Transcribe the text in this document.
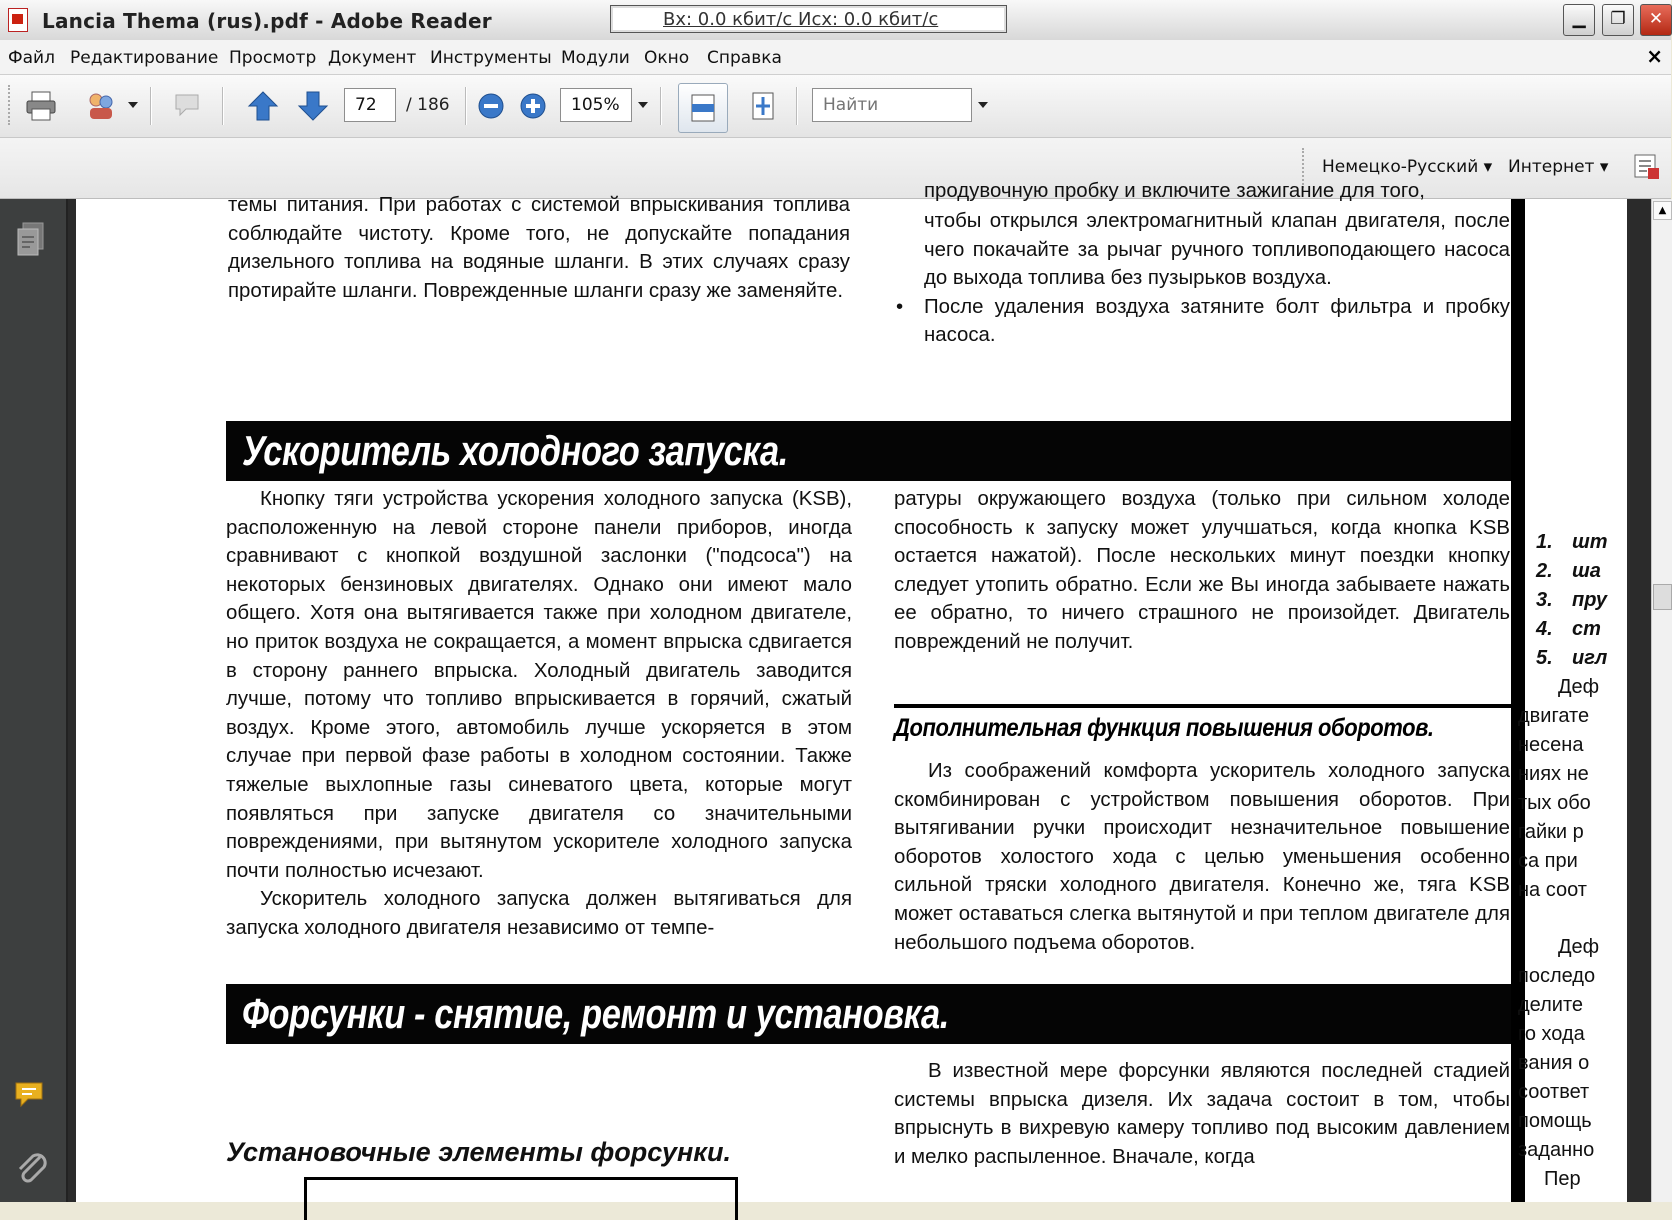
Lancia Thema (rus).pdf - Adobe Reader	Вх: 0.0 кбит/с Исх: 0.0 кбит/с	▁	❐	✕
Файл Редактирование Просмотр Документ Инструменты Модули Окно Справка	×
72
/ 186
105%
Найти
Немецко-Русский ▾ Интернет ▾

темы питания. При работах с системой впрыскивания топлива соблюдайте чистоту. Кроме того, не допускайте попадания дизельного топлива на водяные шланги. В этих случаях сразу протирайте шланги. Поврежденные шланги сразу же заменяйте.

продувочную пробку и включите зажигание для того,

чтобы открылся электромагнитный клапан двигателя, после чего покачайте за рычаг ручного топливоподающего насоса до выхода топлива без пузырьков воздуха.

• После удаления воздуха затяните болт фильтра и пробку насоса.
Ускоритель холодного запуска.

Кнопку тяги устройства ускорения холодного запуска (KSB), расположенную на левой стороне панели приборов, иногда сравнивают с кнопкой воздушной заслонки ("подсоса") на некоторых бензиновых двигателях. Однако они имеют мало общего. Хотя она вытягивается также при холодном двигателе, но приток воздуха не сокращается, а момент впрыска сдвигается в сторону раннего впрыска. Холодный двигатель заводится лучше, потому что топливо впрыскивается в горячий, сжатый воздух. Кроме этого, автомобиль лучше ускоряется в этом случае при первой фазе работы в холодном состоянии. Также тяжелые выхлопные газы синеватого цвета, которые могут появляться при запуске двигателя со значительными повреждениями, при вытянутом ускорителе холодного запуска почти полностью исчезают.

Ускоритель холодного запуска должен вытягиваться для запуска холодного двигателя независимо от темпе-

ратуры окружающего воздуха (только при сильном холоде способность к запуску может улучшаться, когда кнопка KSB остается нажатой). После нескольких минут поездки кнопку следует утопить обратно. Если же Вы иногда забываете нажать ее обратно, то ничего страшного не произойдет. Двигатель повреждений не получит.

Дополнительная функция повышения оборотов.

Из соображений комфорта ускоритель холодного запуска скомбинирован с устройством повышения оборотов. При вытягивании ручки происходит незначительное повышение оборотов холостого хода с целью уменьшения особенно сильной тряски холодного двигателя. Конечно же, тяга KSB может оставаться слегка вытянутой и при теплом двигателе для небольшого подъема оборотов.

Форсунки - снятие, ремонт и установка.
Установочные элементы форсунки.

В известной мере форсунки являются последней стадией системы впрыска дизеля. Их задача состоит в том, чтобы впрыснуть в вихревую камеру топливо под высоким давлением и мелко распыленное. Вначале, когда

1. шт
2. ша
3. пру
4. ст
5. игл
Деф
двигате
несена
ниях не
тых обо
гайки р
са при
на соот
Деф
последо
делите
го хода
вания о
соответ
помощь
заданно
Пер
▲
